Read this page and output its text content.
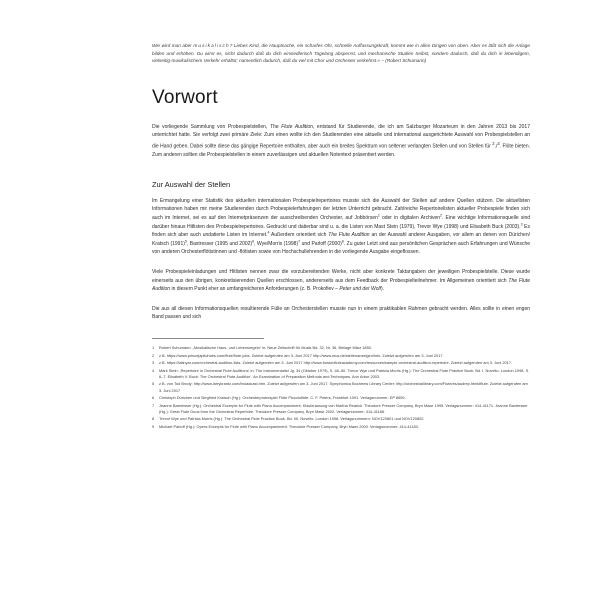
Wie wird man aber musikalisch? Liebes Kind, die Hauptsache, ein scharfes Ohr, schnelle Auffassungskraft, kommt wie in allen Dingen von oben. Aber es läßt sich die Anlage bilden und erhöhen. Du wirst es, nicht dadurch daß du dich einsiedlerisch Tagelang absperrst, und mechanische Studien treibst, sondern dadurch, daß du dich in lebendigem, vielseitig-musikalischem Verkehr erhältst; namentlich dadurch, daß du viel mit Chor und Orchester verkehrst.« – (Robert Schumann)

Vorwort

Die vorliegende Sammlung von Probespielstellen, The Flute Audition, entstand für Studierende, die ich am Salzburger Mozarteum in den Jahren 2013 bis 2017 unterrichtet hatte. Sie verfolgt zwei primäre Ziele: Zum einen wollte ich den Studierenden eine aktuelle und international ausgerichtete Auswahl von Probespielstellen an die Hand geben. Dabei sollte diese das gängige Repertoire enthalten, aber auch ein breites Spektrum von seltener verlangten Stellen und von Stellen für $^2$./$^3$. Flöte bieten. Zum anderen sollten die Probespielstellen in einem zuverlässigen und aktuellen Notentext präsentiert werden.

Zur Auswahl der Stellen

Im Ermangelung einer Statistik des aktuellen internationalen Probespielrepertoires musste sich die Auswahl der Stellen auf andere Quellen stützen. Die aktuellsten Informationen haben mir meine Studierenden durch Probespielerfahrungen der letzten Unterricht gebracht. Zahlreiche Repertoirelisten aktueller Probespiele finden sich auch im Internet, sei es auf den Internetpräsenzen der ausschreibenden Orchester, auf Jobbörsen$^1$ oder in digitalen Archiven$^2$. Eine wichtige Informationsquelle sind darüber hinaus Hitlisten des Probespielrepertoires. Gedruckt und datierbar sind u. a. die Listen von Mast Stein (1979), Trevor Wye (1998) und Elisabeth Buck (2003).$^3$ Es finden sich aber auch undatierte Listen im Internet.$^4$ Außerdem orientiert sich The Flute Audition an der Auswahl anderer Ausgaben, vor allem an denen von Dürichen/ Kratsch $(1991)^5$, Baxtresser (1995 und 2002)$^6$, Wye/Morris $(1998)^7$ und Parloff $(2000)^8$. Zu guter Letzt sind aus persönlichen Gesprächen auch Erfahrungen und Wünsche von anderen Orchesterflötistinnen und -flötisten sowie von Hochschullehrenden in die vorliegende Ausgabe eingeflossen.

Viele Probespieleinladungen und Hitlisten nennen zwar die vorzubereitenden Werke, nicht aber konkrete Taktangaben der jeweiligen Probespielstelle. Diese wurde einerseits aus den übrigen, konkretisierenden Quellen erschlossen, andererseits aus dem Feedback der Probespielteilnehmer. Im Allgemeinen orientiert sich The Flute Audition in diesem Punkt eher an umfangreicheren Anforderungen (z. B. Prokofiev – Peter und der Wolf).

Die aus all diesen Informationsquellen resultierende Fülle an Orchesterstellen musste nun in einem praktikablen Rahmen gebracht werden. Alles sollte in einen engen Band passen und sich

1 Robert Schumann: „Musikalische Haus- und Lebensregeln“ in: Neue Zeitschrift für Musik Bd. 32, Nr. 36, Beilage März 1850.
2 z.B. https://www.princejapitchairs.com/flute/flute-jobs. Zuletzt aufgerufen am 3. Juni 2017 http://www.mus.de/stellenanzeigen/info. Zuletzt aufgerufen am 3. Juni 2017
3 z.B. https://latinyar.com/orchestral-audition-lists. Zuletzt aufgerufen am 3. Juni 2017 http://www.bostonfluteacademy.com/resources/sample-orchestral-audition-repertoire. Zuletzt aufgerufen am 3. Juni 2017.
4 Mark Stein: ‚Repertoire in Orchestral Flute Auditions‘ in: The Instrumentalist Jg. 34 (Oktober 1979), S. 46–50. Trevor Wye und Patricia Morris (Hg.): The Orchestral Flute Practice Book. Bd. I. Novello, London 1998. S. 6–7. Elisabeth V. Buck: The Orchestral Flute Audition‘. An Examination of Preparation Methods and Techniques. Ann Arbor 2003.
5 z.B. von Tod Brody: http://www.larrykrantz.com/broadcast.htm. Zuletzt aufgerufen am 3. Juni 2017. Symphonica Bochems Library Center: http://orchestrallibrary.com/Flute/es/audrep.html#flute. Zuletzt aufgerufen am 3. Juni 2017
6 Christoph Dürichen und Siegfried Kratsch (Hg.): Orchesterprobespiel Flöte Piccoloflöte. C. F. Peters, Frankfurt 1991. Verlagsnummer: EP 8659.
7 Jeanne Baxtresser (Hg.): Orchestral Excerpts for Flute with Piano Accompaniment. Klavierauszug von Martha Rearick. Theodore Presser Company, Bryn Mawr 1995. Verlagsnummer: 414-41171. Jeanne Baxtresser (Hg.): Great Flute Duos from the Orchestral Repertoire. Theodore Presser Company, Bryn Mawr 2002. Verlagsnummer: 414-41186.
8 Trevor Wye und Patricia Morris (Hg.): The Orchestral Flute Practice Book. Bd. I/II. Novello, London 1998. Verlagsnummern: NOV120801 und NOV120802.
9 Michael Parloff (Hg.): Opera Excerpts for Flute with Piano Accompaniment. Theodore Presser Company, Bryn Mawr 2000. Verlagsnummer: 414-41183.
